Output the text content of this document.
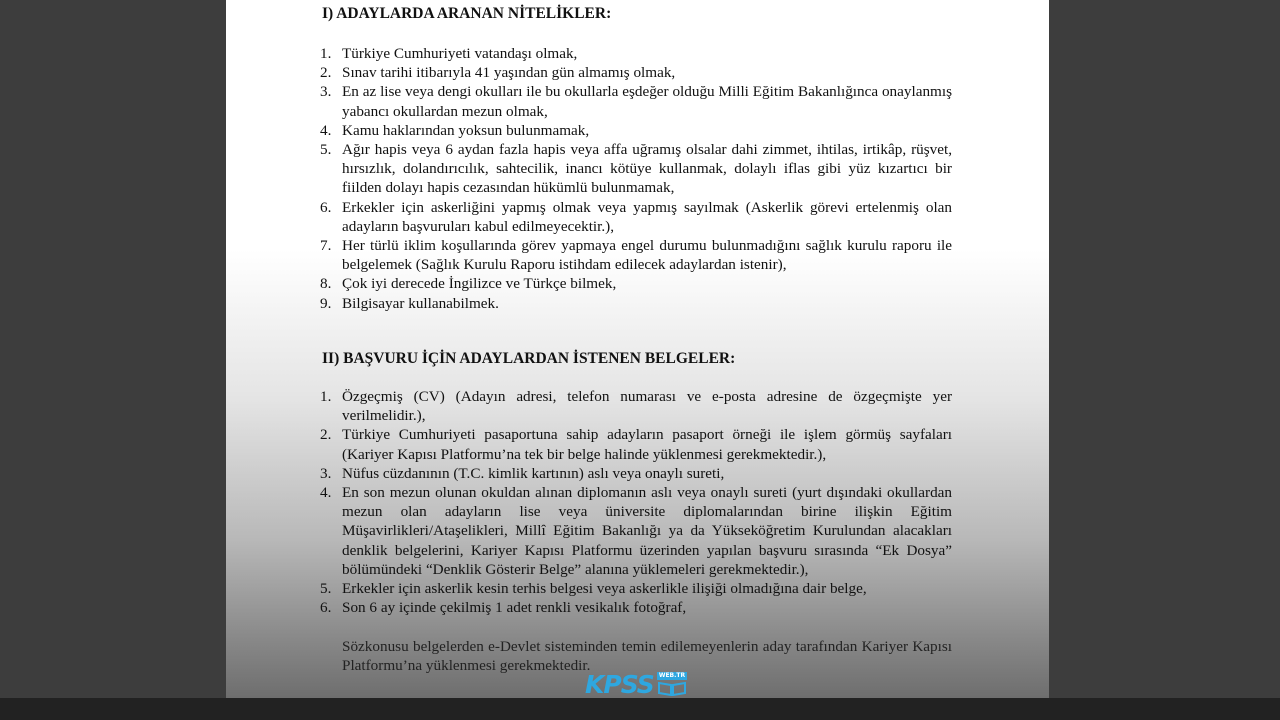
I) ADAYLARDA ARANAN NİTELİKLER:
1. Türkiye Cumhuriyeti vatandaşı olmak,
2. Sınav tarihi itibarıyla 41 yaşından gün almamış olmak,
3. En az lise veya dengi okulları ile bu okullarla eşdeğer olduğu Milli Eğitim Bakanlığınca onaylanmış yabancı okullardan mezun olmak,
4. Kamu haklarından yoksun bulunmamak,
5. Ağır hapis veya 6 aydan fazla hapis veya affa uğramış olsalar dahi zimmet, ihtilas, irtikâp, rüşvet, hırsızlık, dolandırıcılık, sahtecilik, inancı kötüye kullanmak, dolaylı iflas gibi yüz kızartıcı bir fiilden dolayı hapis cezasından hükümlü bulunmamak,
6. Erkekler için askerliğini yapmış olmak veya yapmış sayılmak (Askerlik görevi ertelenmiş olan adayların başvuruları kabul edilmeyecektir.),
7. Her türlü iklim koşullarında görev yapmaya engel durumu bulunmadığını sağlık kurulu raporu ile belgelemek (Sağlık Kurulu Raporu istihdam edilecek adaylardan istenir),
8. Çok iyi derecede İngilizce ve Türkçe bilmek,
9. Bilgisayar kullanabilmek.
II) BAŞVURU İÇİN ADAYLARDAN İSTENEN BELGELER:
1. Özgeçmiş (CV) (Adayın adresi, telefon numarası ve e-posta adresine de özgeçmişte yer verilmelidir.),
2. Türkiye Cumhuriyeti pasaportuna sahip adayların pasaport örneği ile işlem görmüş sayfaları (Kariyer Kapısı Platformu’na tek bir belge halinde yüklenmesi gerekmektedir.),
3. Nüfus cüzdanının (T.C. kimlik kartının) aslı veya onaylı sureti,
4. En son mezun olunan okuldan alınan diplomanın aslı veya onaylı sureti (yurt dışındaki okullardan mezun olan adayların lise veya üniversite diplomalarından birine ilişkin Eğitim Müşavirlikleri/Ataşelikleri, Millî Eğitim Bakanlığı ya da Yükseköğretim Kurulundan alacakları denklik belgelerini, Kariyer Kapısı Platformu üzerinden yapılan başvuru sırasında “Ek Dosya” bölümündeki “Denklik Gösterir Belge” alanına yüklemeleri gerekmektedir.),
5. Erkekler için askerlik kesin terhis belgesi veya askerlikle ilişiği olmadığına dair belge,
6. Son 6 ay içinde çekilmiş 1 adet renkli vesikalık fotoğraf,
Sözkonusu belgelerden e-Devlet sisteminden temin edilemeyenlerin aday tarafından Kariyer Kapısı Platformu’na yüklenmesi gerekmektedir.
KPSS WEB.TR
